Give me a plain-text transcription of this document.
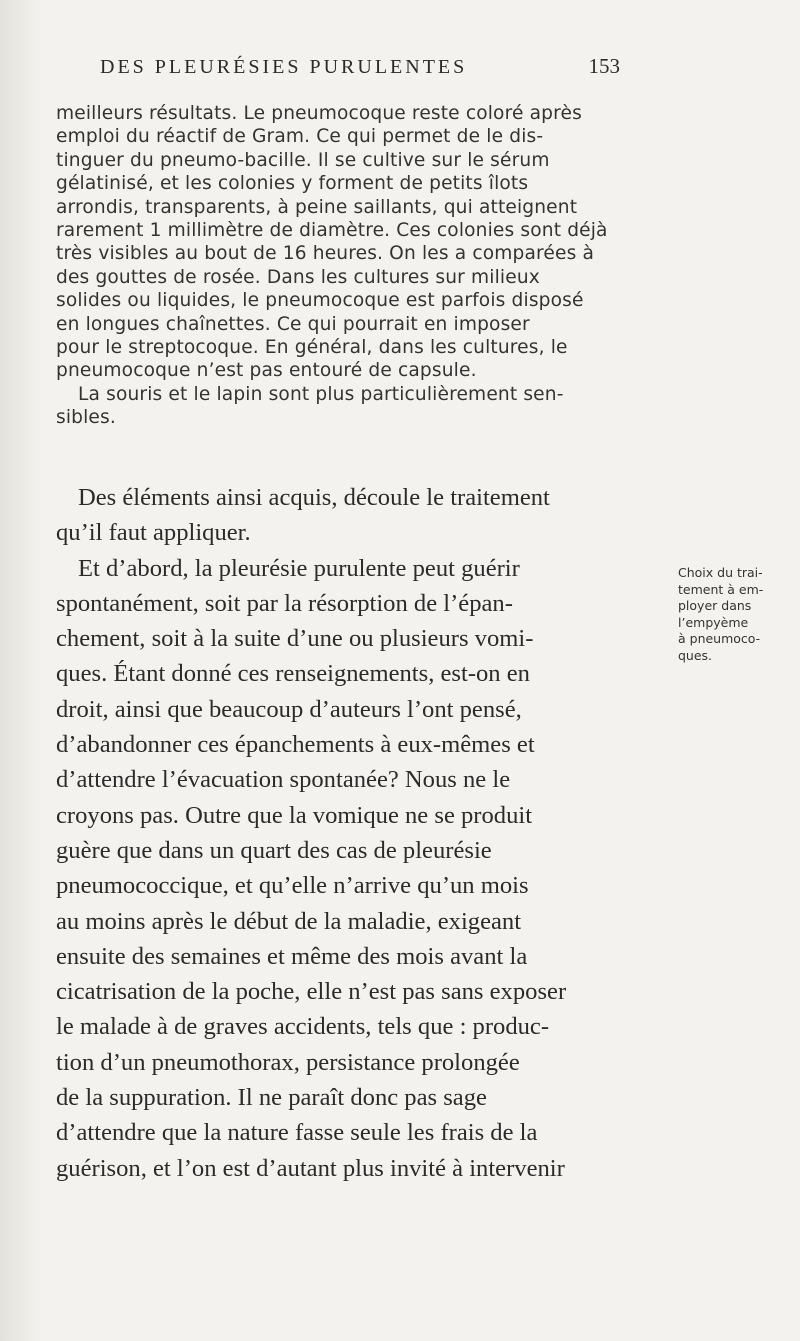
DES PLEURÉSIES PURULENTES	153

meilleurs résultats. Le pneumocoque reste coloré après

emploi du réactif de Gram. Ce qui permet de le dis-

tinguer du pneumo-bacille. Il se cultive sur le sérum

gélatinisé, et les colonies y forment de petits îlots

arrondis, transparents, à peine saillants, qui atteignent

rarement 1 millimètre de diamètre. Ces colonies sont déjà

très visibles au bout de 16 heures. On les a comparées à

des gouttes de rosée. Dans les cultures sur milieux

solides ou liquides, le pneumocoque est parfois disposé

en longues chaînettes. Ce qui pourrait en imposer

pour le streptocoque. En général, dans les cultures, le

pneumocoque n’est pas entouré de capsule.

La souris et le lapin sont plus particulièrement sen-

sibles.

Des éléments ainsi acquis, découle le traitement
qu’il faut appliquer.
Et d’abord, la pleurésie purulente peut guérir
spontanément, soit par la résorption de l’épan-
chement, soit à la suite d’une ou plusieurs vomi-
ques. Étant donné ces renseignements, est-on en
droit, ainsi que beaucoup d’auteurs l’ont pensé,
d’abandonner ces épanchements à eux-mêmes et
d’attendre l’évacuation spontanée? Nous ne le
croyons pas. Outre que la vomique ne se produit
guère que dans un quart des cas de pleurésie
pneumococcique, et qu’elle n’arrive qu’un mois
au moins après le début de la maladie, exigeant
ensuite des semaines et même des mois avant la
cicatrisation de la poche, elle n’est pas sans exposer
le malade à de graves accidents, tels que : produc-
tion d’un pneumothorax, persistance prolongée
de la suppuration. Il ne paraît donc pas sage
d’attendre que la nature fasse seule les frais de la
guérison, et l’on est d’autant plus invité à intervenir
Choix du trai-
tement à em-
ployer dans
l’empyème
à pneumoco-
ques.
